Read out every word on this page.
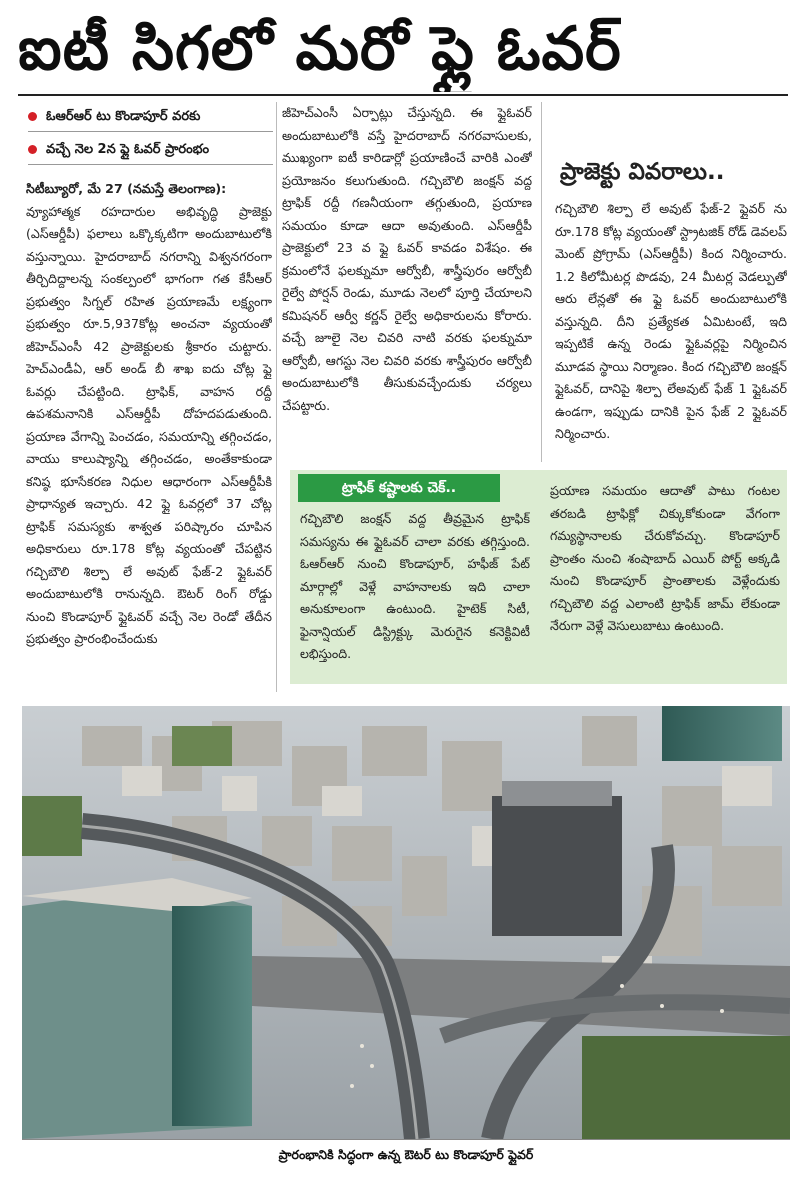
ఐటీ సిగలో మరో ఫ్లై ఓవర్
ఓఆర్ఆర్ టు కొండాపూర్ వరకు
వచ్చే నెల 2న ఫ్లై ఓవర్ ప్రారంభం

సిటీబ్యూరో, మే 27 (నమస్తే తెలంగాణ):

వ్యూహాత్మక రహదారుల అభివృద్ధి ప్రాజెక్టు (ఎస్ఆర్డీపీ) ఫలాలు ఒక్కొక్కటిగా అందుబాటులోకి వస్తున్నాయి. హైదరాబాద్ నగరాన్ని విశ్వనగరంగా తీర్చిదిద్దాలన్న సంకల్పంలో భాగంగా గత కేసీఆర్ ప్రభుత్వం సిగ్నల్ రహిత ప్రయాణమే లక్ష్యంగా ప్రభుత్వం రూ.5,937కోట్ల అంచనా వ్యయంతో జీహెచ్ఎంసీ 42 ప్రాజెక్టులకు శ్రీకారం చుట్టారు. హెచ్ఎండీఏ, ఆర్ అండ్ బీ శాఖ ఐదు చోట్ల ఫ్లై ఓవర్లు చేపట్టింది. ట్రాఫిక్, వాహన రద్దీ ఉపశమనానికి ఎస్ఆర్డీపీ దోహదపడుతుంది. ప్రయాణ వేగాన్ని పెంచడం, సమయాన్ని తగ్గించడం, వాయు కాలుష్యాన్ని తగ్గించడం, అంతేకాకుండా కనిష్ఠ భూసేకరణ నిధుల ఆధారంగా ఎస్ఆర్డీపీకి ప్రాధాన్యత ఇచ్చారు. 42 ఫ్లై ఓవర్లలో 37 చోట్ల ట్రాఫిక్ సమస్యకు శాశ్వత పరిష్కారం చూపిన అధికారులు రూ.178 కోట్ల వ్యయంతో చేపట్టిన గచ్చిబౌలి శిల్పా లే అవుట్ ఫేజ్-2 ఫ్లైఓవర్ అందుబాటులోకి రానున్నది. ఔటర్ రింగ్ రోడ్డు నుంచి కొండాపూర్ ఫ్లైఓవర్ వచ్చే నెల రెండో తేదీన ప్రభుత్వం ప్రారంభించేందుకు

జీహెచ్ఎంసీ ఏర్పాట్లు చేస్తున్నది. ఈ ఫ్లైఓవర్ అందుబాటులోకి వస్తే హైదరాబాద్ నగరవాసులకు, ముఖ్యంగా ఐటీ కారిడార్లో ప్రయాణించే వారికి ఎంతో ప్రయోజనం కలుగుతుంది. గచ్చిబౌలి జంక్షన్ వద్ద ట్రాఫిక్ రద్దీ గణనీయంగా తగ్గుతుంది, ప్రయాణ సమయం కూడా ఆదా అవుతుంది. ఎస్ఆర్డీపీ ప్రాజెక్టులో 23 వ ఫ్లై ఓవర్ కావడం విశేషం. ఈ క్రమంలోనే ఫలక్నుమా ఆర్వోబీ, శాస్త్రీపురం ఆర్వోబీ రైల్వే పోర్షన్ రెండు, మూడు నెలలో పూర్తి చేయాలని కమిషనర్ ఆర్వీ కర్ణన్ రైల్వే అధికారులను కోరారు. వచ్చే జూలై నెల చివరి నాటి వరకు ఫలక్నుమా ఆర్వోబీ, ఆగస్టు నెల చివరి వరకు శాస్త్రీపురం ఆర్వోబీ అందుబాటులోకి తీసుకువచ్చేందుకు చర్యలు చేపట్టారు.

ప్రాజెక్టు వివరాలు..

గచ్చిబౌలి శిల్పా లే అవుట్ ఫేజ్-2 ఫ్లైవర్ ను రూ.178 కోట్ల వ్యయంతో స్ట్రాటజిక్ రోడ్ డెవలప్ మెంట్ ప్రోగ్రామ్ (ఎస్ఆర్డీపీ) కింద నిర్మించారు. 1.2 కిలోమీటర్ల పొడవు, 24 మీటర్ల వెడల్పుతో ఆరు లేన్లతో ఈ ఫ్లై ఓవర్ అందుబాటులోకి వస్తున్నది. దీని ప్రత్యేకత ఏమిటంటే, ఇది ఇప్పటికే ఉన్న రెండు ఫ్లైఓవర్లపై నిర్మించిన మూడవ స్థాయి నిర్మాణం. కింద గచ్చిబౌలి జంక్షన్ ఫ్లైఓవర్, దానిపై శిల్పా లేఅవుట్ ఫేజ్ 1 ఫ్లైఓవర్ ఉండగా, ఇప్పుడు దానికి పైన ఫేజ్ 2 ఫ్లైఓవర్ నిర్మించారు.

ట్రాఫిక్ కష్టాలకు చెక్..

గచ్చిబౌలి జంక్షన్ వద్ద తీవ్రమైన ట్రాఫిక్ సమస్యను ఈ ఫ్లైఓవర్ చాలా వరకు తగ్గిస్తుంది. ఓఆర్ఆర్ నుంచి కొండాపూర్, హఫీజ్ పేట్ మార్గాల్లో వెళ్లే వాహనాలకు ఇది చాలా అనుకూలంగా ఉంటుంది. హైటెక్ సిటీ, ఫైనాన్షియల్ డిస్ట్రిక్ట్కు మెరుగైన కనెక్టివిటీ లభిస్తుంది.

ప్రయాణ సమయం ఆదాతో పాటు గంటల తరబడి ట్రాఫిక్లో చిక్కుకోకుండా వేగంగా గమ్యస్థానాలకు చేరుకోవచ్చు. కొండాపూర్ ప్రాంతం నుంచి శంషాబాద్ ఎయిర్ పోర్ట్ అక్కడి నుంచి కొండాపూర్ ప్రాంతాలకు వెళ్లేందుకు గచ్చిబౌలి వద్ద ఎలాంటి ట్రాఫిక్ జామ్ లేకుండా నేరుగా వెళ్లే వెసులుబాటు ఉంటుంది.

ప్రారంభానికి సిద్ధంగా ఉన్న ఔటర్ టు కొండాపూర్ ఫ్లైవర్
